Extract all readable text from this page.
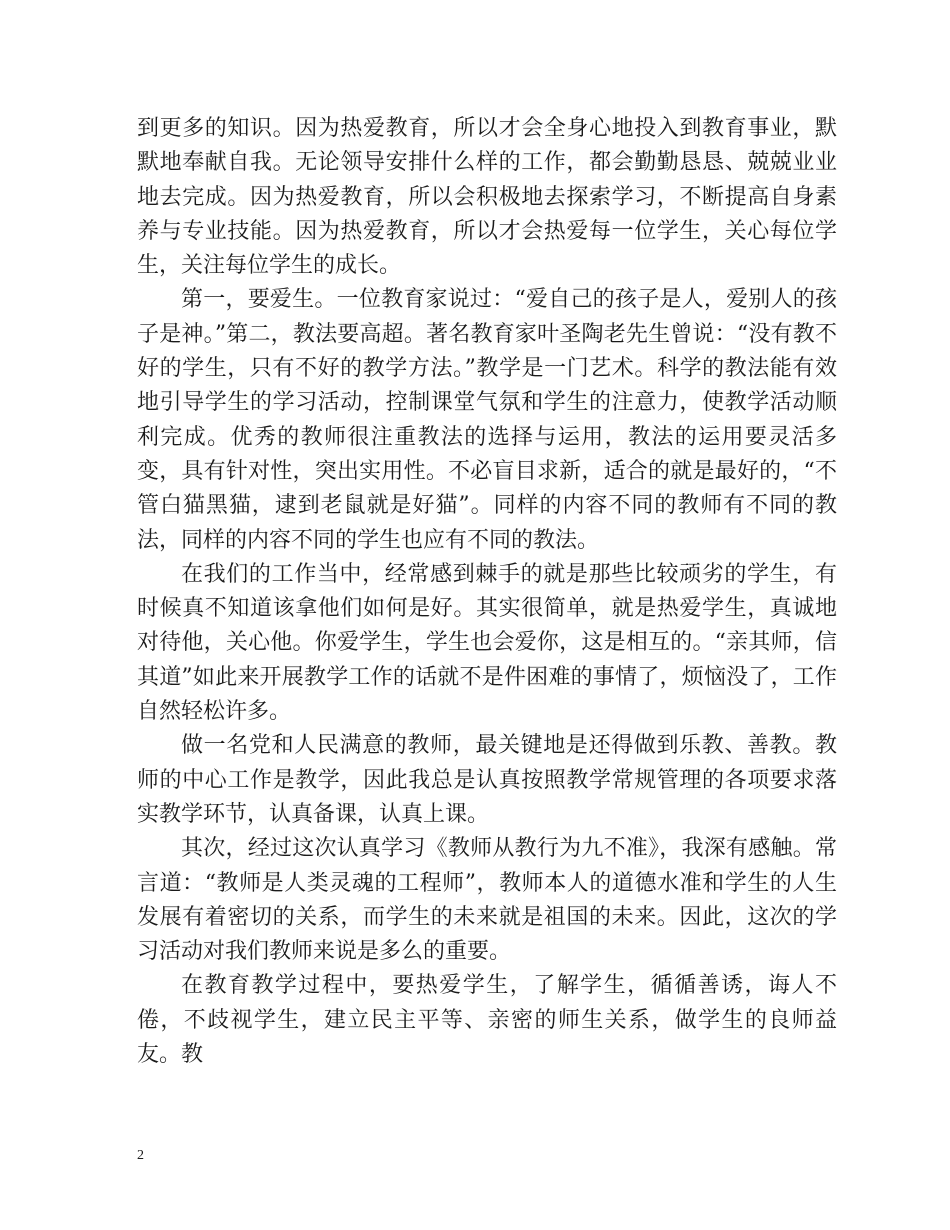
到更多的知识。因为热爱教育，所以才会全身心地投入到教育事业，默默地奉献自我。无论领导安排什么样的工作，都会勤勤恳恳、兢兢业业地去完成。因为热爱教育，所以会积极地去探索学习，不断提高自身素养与专业技能。因为热爱教育，所以才会热爱每一位学生，关心每位学生，关注每位学生的成长。

第一，要爱生。一位教育家说过：“爱自己的孩子是人，爱别人的孩子是神。”第二，教法要高超。著名教育家叶圣陶老先生曾说：“没有教不好的学生，只有不好的教学方法。”教学是一门艺术。科学的教法能有效地引导学生的学习活动，控制课堂气氛和学生的注意力，使教学活动顺利完成。优秀的教师很注重教法的选择与运用，教法的运用要灵活多变，具有针对性，突出实用性。不必盲目求新，适合的就是最好的，“不管白猫黑猫，逮到老鼠就是好猫”。同样的内容不同的教师有不同的教法，同样的内容不同的学生也应有不同的教法。

在我们的工作当中，经常感到棘手的就是那些比较顽劣的学生，有时候真不知道该拿他们如何是好。其实很简单，就是热爱学生，真诚地对待他，关心他。你爱学生，学生也会爱你，这是相互的。“亲其师，信其道”如此来开展教学工作的话就不是件困难的事情了，烦恼没了，工作自然轻松许多。

做一名党和人民满意的教师，最关键地是还得做到乐教、善教。教师的中心工作是教学，因此我总是认真按照教学常规管理的各项要求落实教学环节，认真备课，认真上课。

其次，经过这次认真学习《教师从教行为九不准》，我深有感触。常言道：“教师是人类灵魂的工程师”，教师本人的道德水准和学生的人生发展有着密切的关系，而学生的未来就是祖国的未来。因此，这次的学习活动对我们教师来说是多么的重要。

在教育教学过程中，要热爱学生，了解学生，循循善诱，诲人不倦，不歧视学生，建立民主平等、亲密的师生关系，做学生的良师益友。教

2
